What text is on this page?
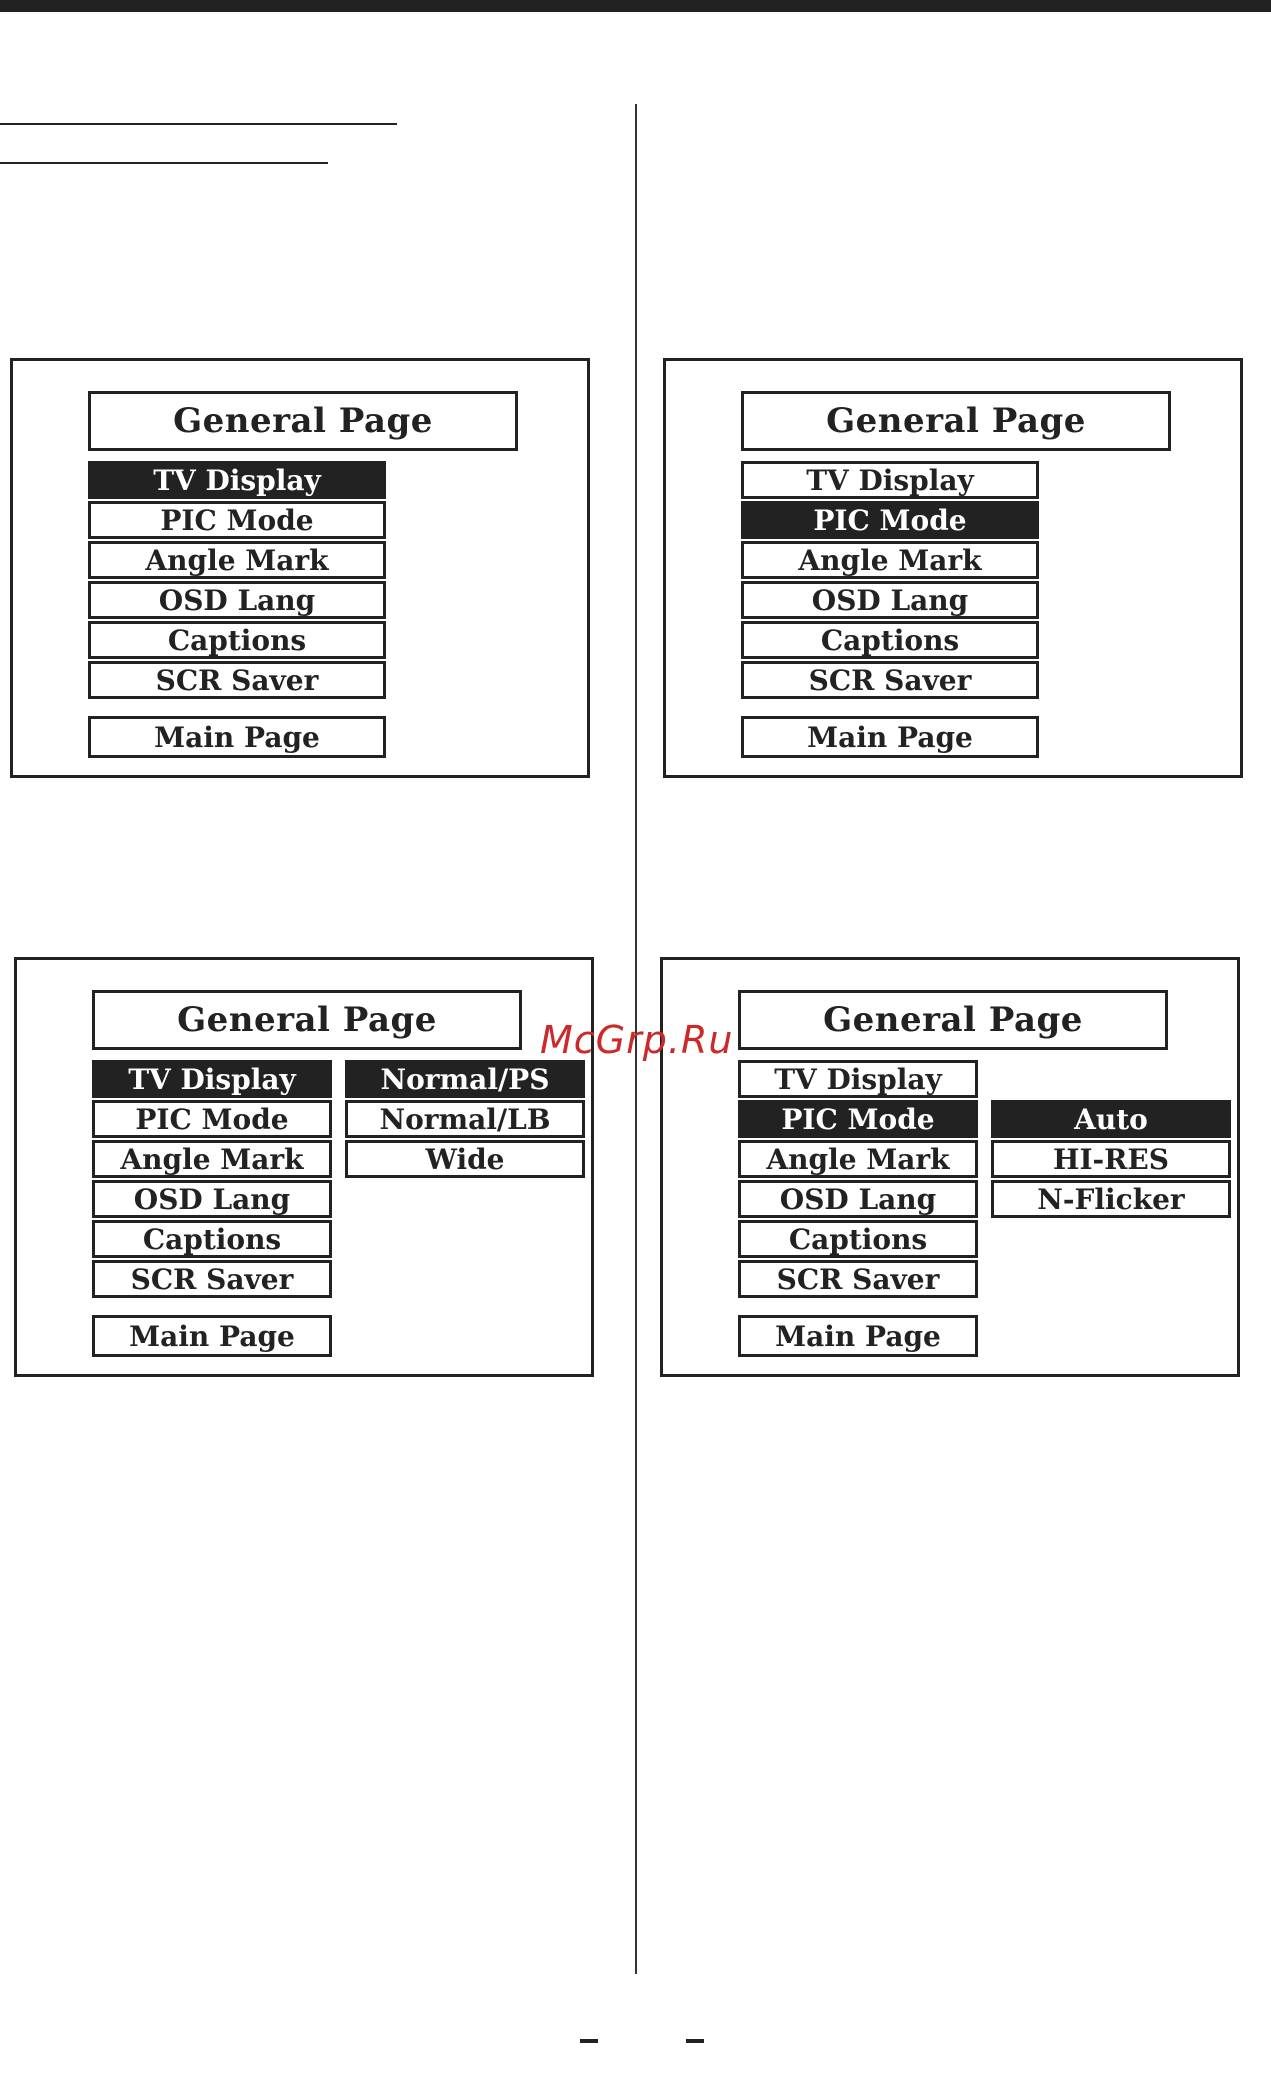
General Page
TV Display
PIC Mode
Angle Mark
OSD Lang
Captions
SCR Saver
Main Page
General Page
TV Display
PIC Mode
Angle Mark
OSD Lang
Captions
SCR Saver
Main Page
General Page
TV Display
PIC Mode
Angle Mark
OSD Lang
Captions
SCR Saver
Normal/PS
Normal/LB
Wide
Main Page
General Page
TV Display
PIC Mode
Angle Mark
OSD Lang
Captions
SCR Saver
Auto
HI-RES
N-Flicker
Main Page
McGrp.Ru
